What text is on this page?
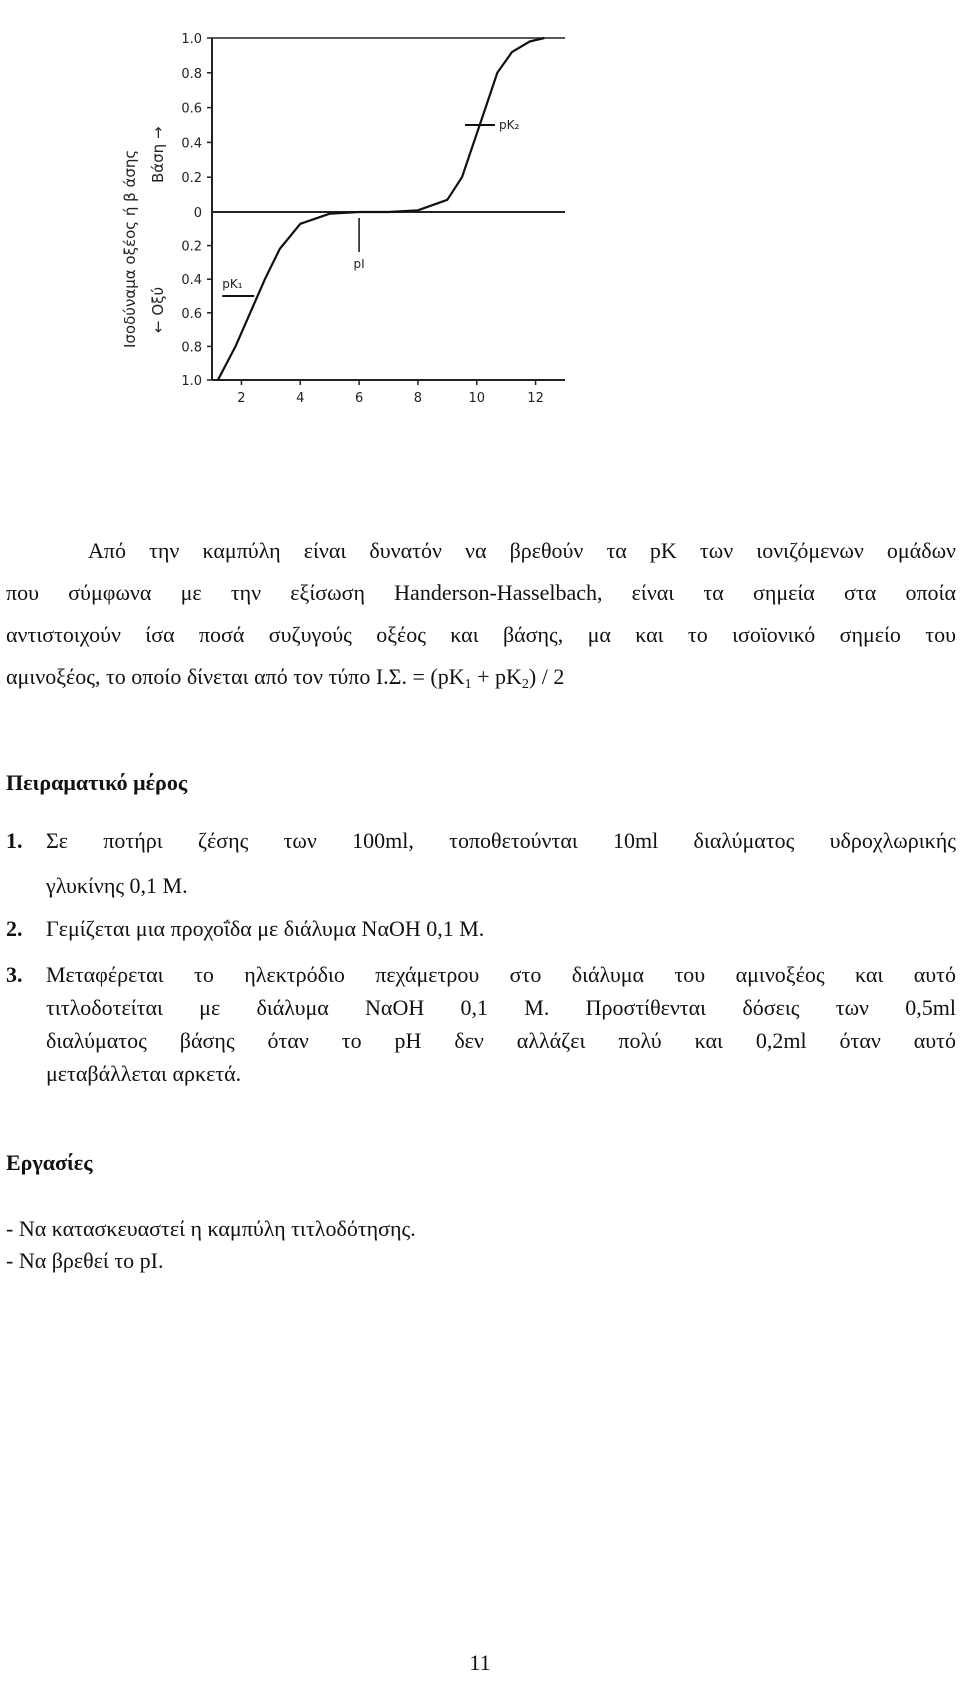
Ισοδύναμα οξέος ή β άσης Βάση →
← Οξύ
1.0
0.8
0.6
0.4
0.2
0
0.2
0.4
0.6
0.8
1.0
2	4	6	8	10	12
pK₁
pK₂
pI
Από την καμπύλη είναι δυνατόν να βρεθούν τα pK των ιονιζόμενων ομάδων
που σύμφωνα με την εξίσωση Handerson-Hasselbach, είναι τα σημεία στα οποία
αντιστοιχούν ίσα ποσά συζυγούς οξέος και βάσης, μα και το ισοϊονικό σημείο του
αμινοξέος, το οποίο δίνεται από τον τύπο Ι.Σ. = $(pK_1 + pK_2) / 2$
Πειραματικό μέρος
1. Σε ποτήρι ζέσης των 100ml, τοποθετούνται 10ml διαλύματος υδροχλωρικής
γλυκίνης 0,1 Μ.
2. Γεμίζεται μια προχοΐδα με διάλυμα ΝαΟΗ 0,1 Μ.
3. Μεταφέρεται το ηλεκτρόδιο πεχάμετρου στο διάλυμα του αμινοξέος και αυτό
τιτλοδοτείται με διάλυμα ΝαΟΗ 0,1 Μ. Προστίθενται δόσεις των 0,5ml
διαλύματος βάσης όταν το pH δεν αλλάζει πολύ και 0,2ml όταν αυτό
μεταβάλλεται αρκετά.
Εργασίες
- Να κατασκευαστεί η καμπύλη τιτλοδότησης.
- Να βρεθεί το pI.
11
